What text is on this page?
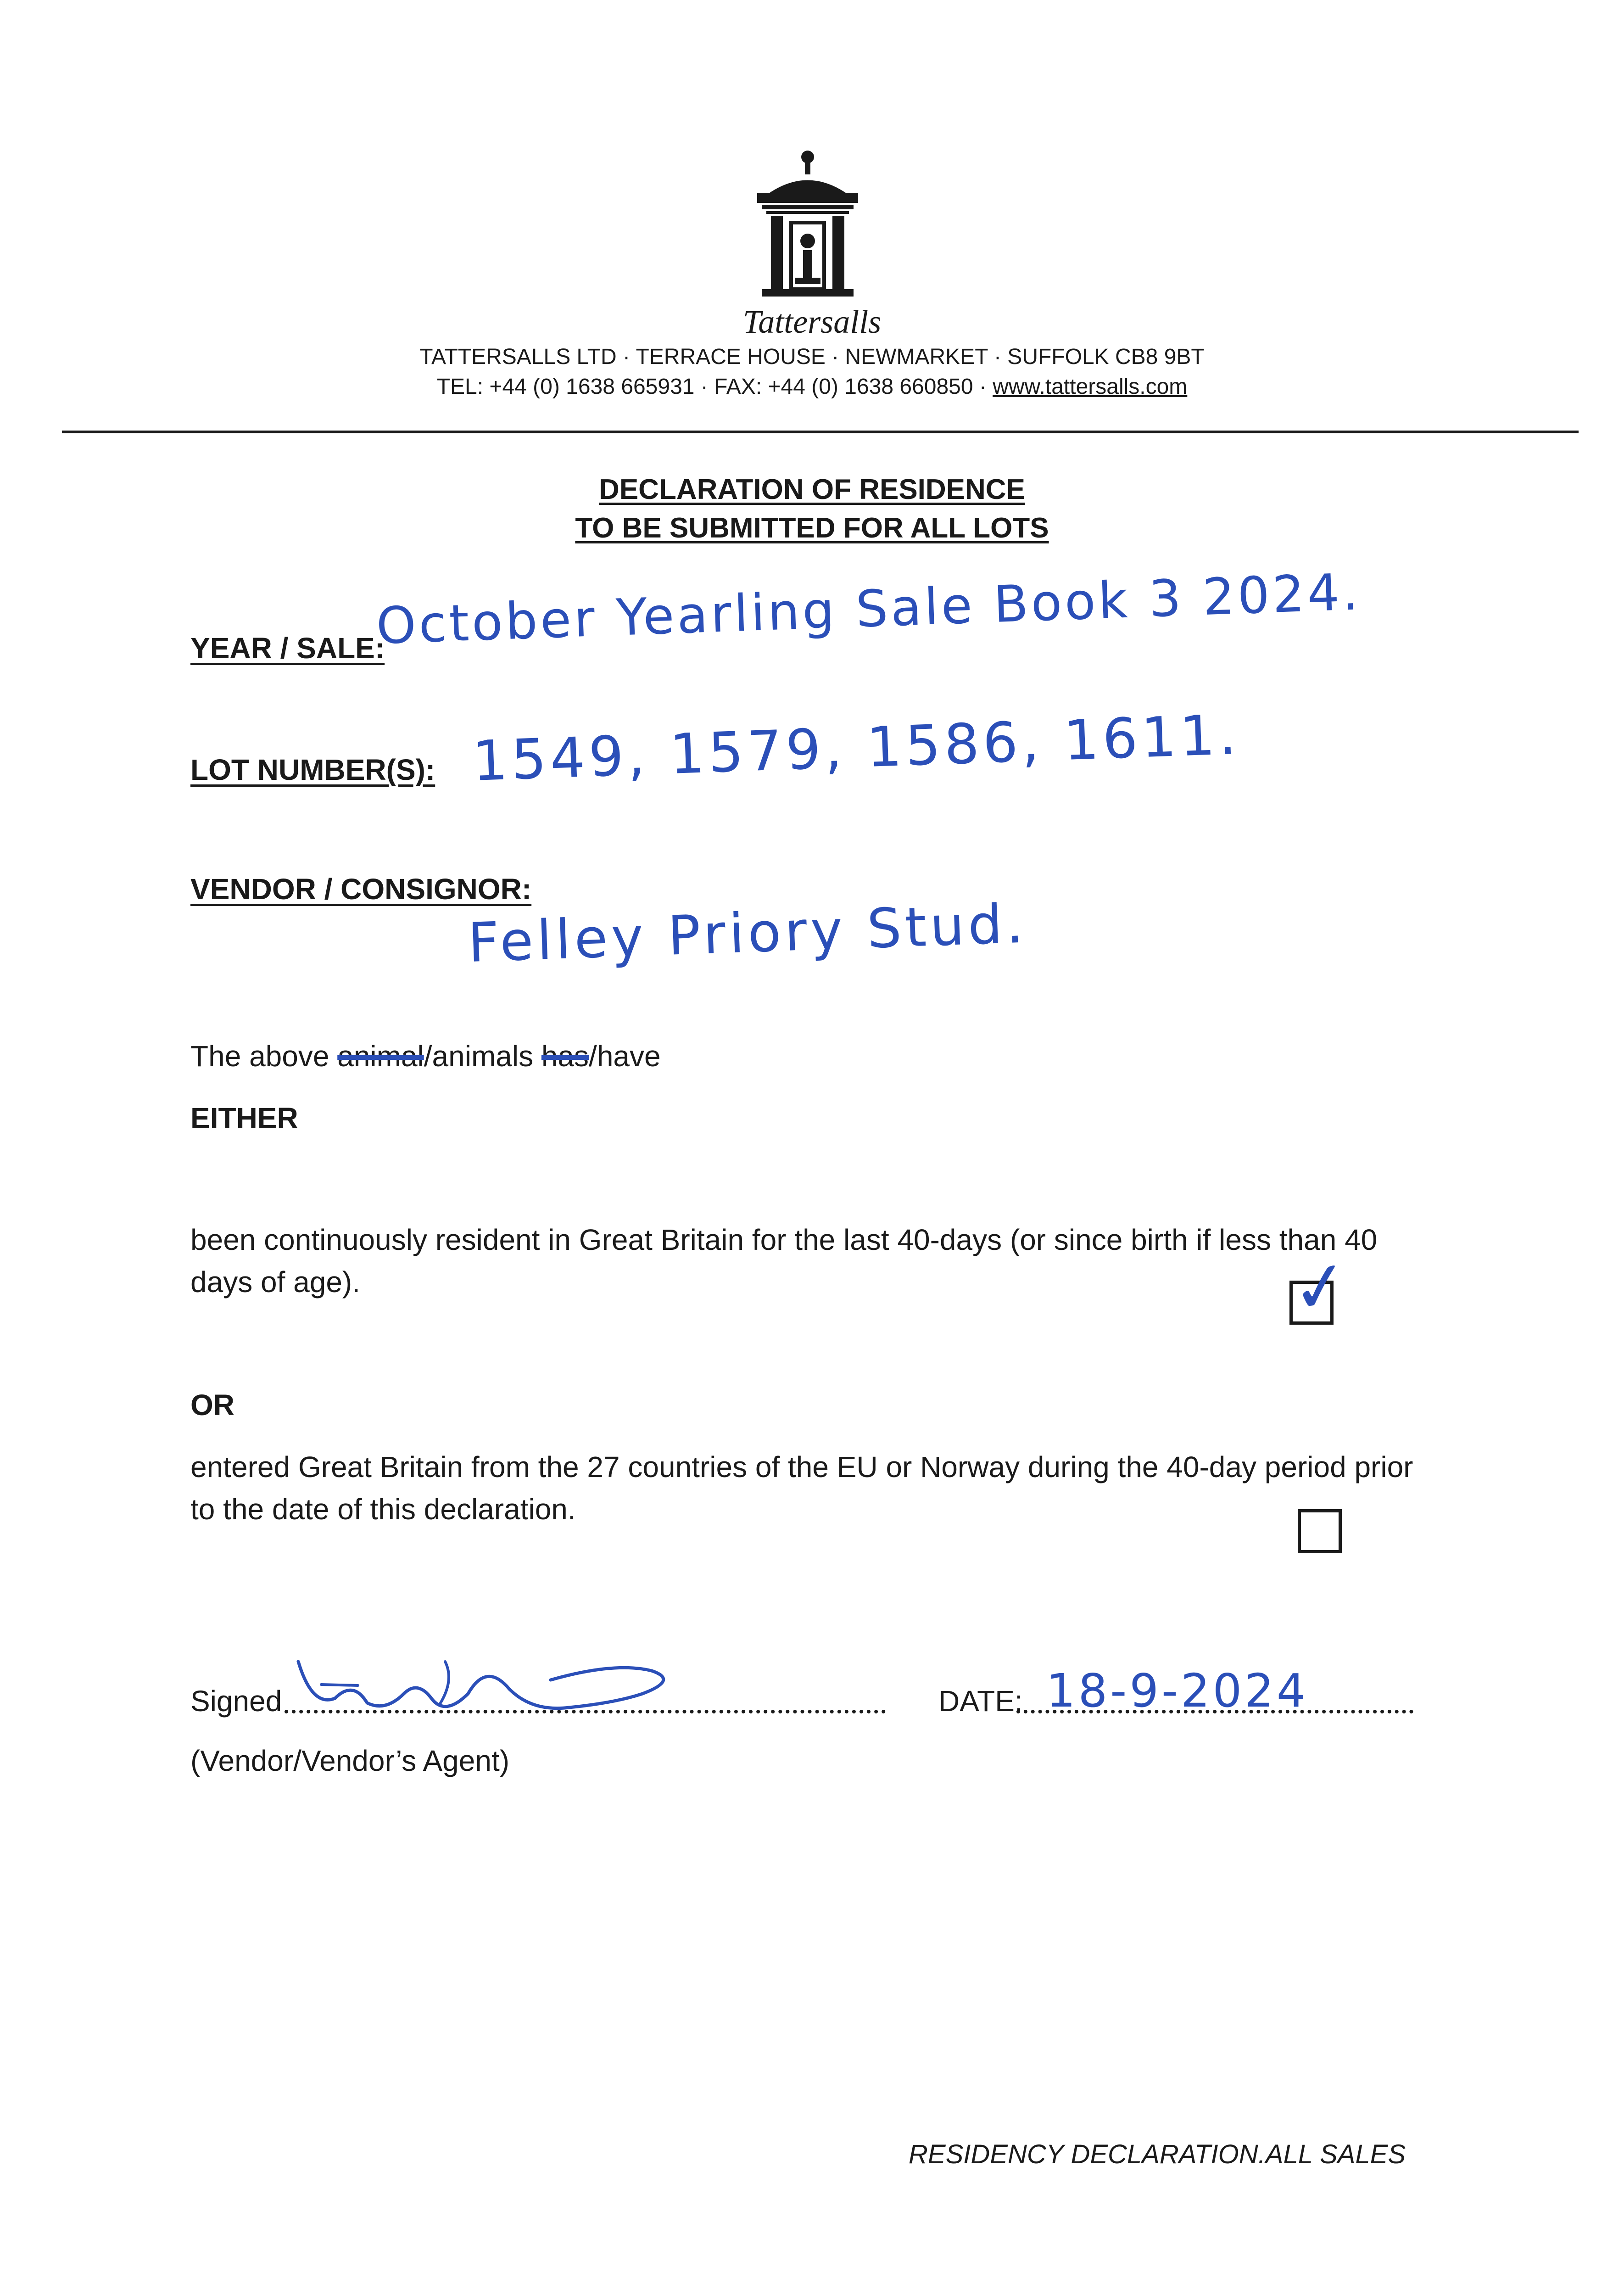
Tattersalls
TATTERSALLS LTD · TERRACE HOUSE · NEWMARKET · SUFFOLK CB8 9BT
TEL: +44 (0) 1638 665931 · FAX: +44 (0) 1638 660850 · www.tattersalls.com
DECLARATION OF RESIDENCE
TO BE SUBMITTED FOR ALL LOTS
YEAR / SALE:
October Yearling Sale Book 3 2024.
LOT NUMBER(S): 1549, 1579, 1586, 1611.
VENDOR / CONSIGNOR:
Felley Priory Stud.
The above animal/animals has/have
EITHER
been continuously resident in Great Britain for the last 40-days (or since birth if less than 40 days of age).	✓
OR
entered Great Britain from the 27 countries of the EU or Norway during the 40-day period prior to the date of this declaration.
Signed	DATE: 18-9-2024
(Vendor/Vendor’s Agent)
RESIDENCY DECLARATION.ALL SALES
